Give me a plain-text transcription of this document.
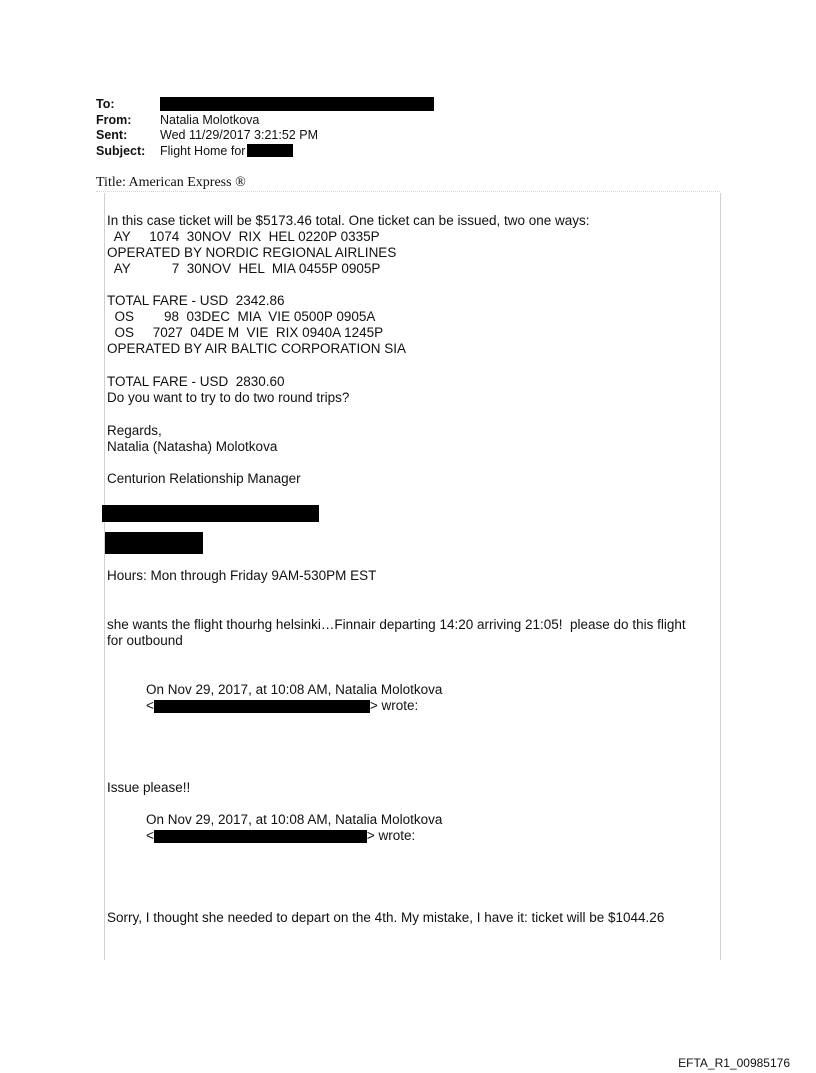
To:
From:	Natalia Molotkova
Sent:	Wed 11/29/2017 3:21:52 PM
Subject:	Flight Home for
Title: American Express ®
In this case ticket will be $5173.46 total. One ticket can be issued, two one ways:
AY     1074  30NOV  RIX  HEL 0220P 0335P
OPERATED BY NORDIC REGIONAL AIRLINES
AY           7  30NOV  HEL  MIA 0455P 0905P
TOTAL FARE - USD  2342.86
OS        98  03DEC  MIA  VIE 0500P 0905A
OS     7027  04DE M  VIE  RIX 0940A 1245P
OPERATED BY AIR BALTIC CORPORATION SIA
TOTAL FARE - USD  2830.60
Do you want to try to do two round trips?
Regards,
Natalia (Natasha) Molotkova
Centurion Relationship Manager
Hours: Mon through Friday 9AM-530PM EST
she wants the flight thourhg helsinki…Finnair departing 14:20 arriving 21:05!  please do this flight
for outbound
On Nov 29, 2017, at 10:08 AM, Natalia Molotkova
<	> wrote:
Issue please!!
On Nov 29, 2017, at 10:08 AM, Natalia Molotkova
<	> wrote:
Sorry, I thought she needed to depart on the 4th. My mistake, I have it: ticket will be $1044.26
EFTA_R1_00985176
